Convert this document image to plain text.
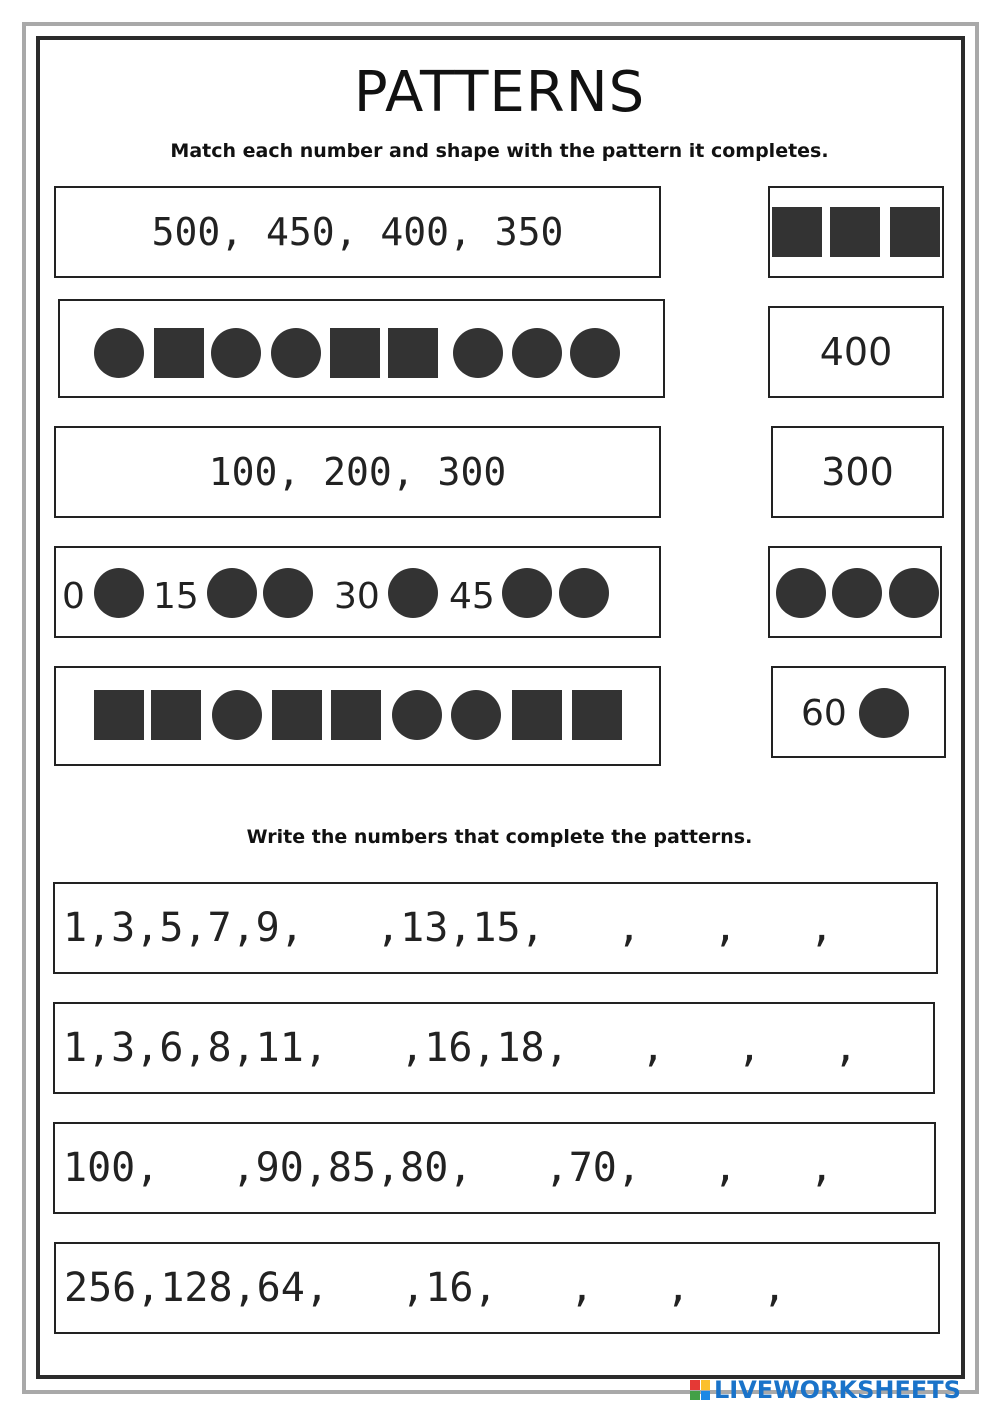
PATTERNS
Match each number and shape with the pattern it completes.
500, 450, 400, 350
100, 200, 300
0 15	30 45
400
300
60
Write the numbers that complete the patterns.
1,3,5,7,9,   ,13,15,   ,   ,   ,
1,3,6,8,11,   ,16,18,   ,   ,   ,
100,   ,90,85,80,   ,70,   ,   ,
256,128,64,   ,16,   ,   ,   ,
LIVEWORKSHEETS
